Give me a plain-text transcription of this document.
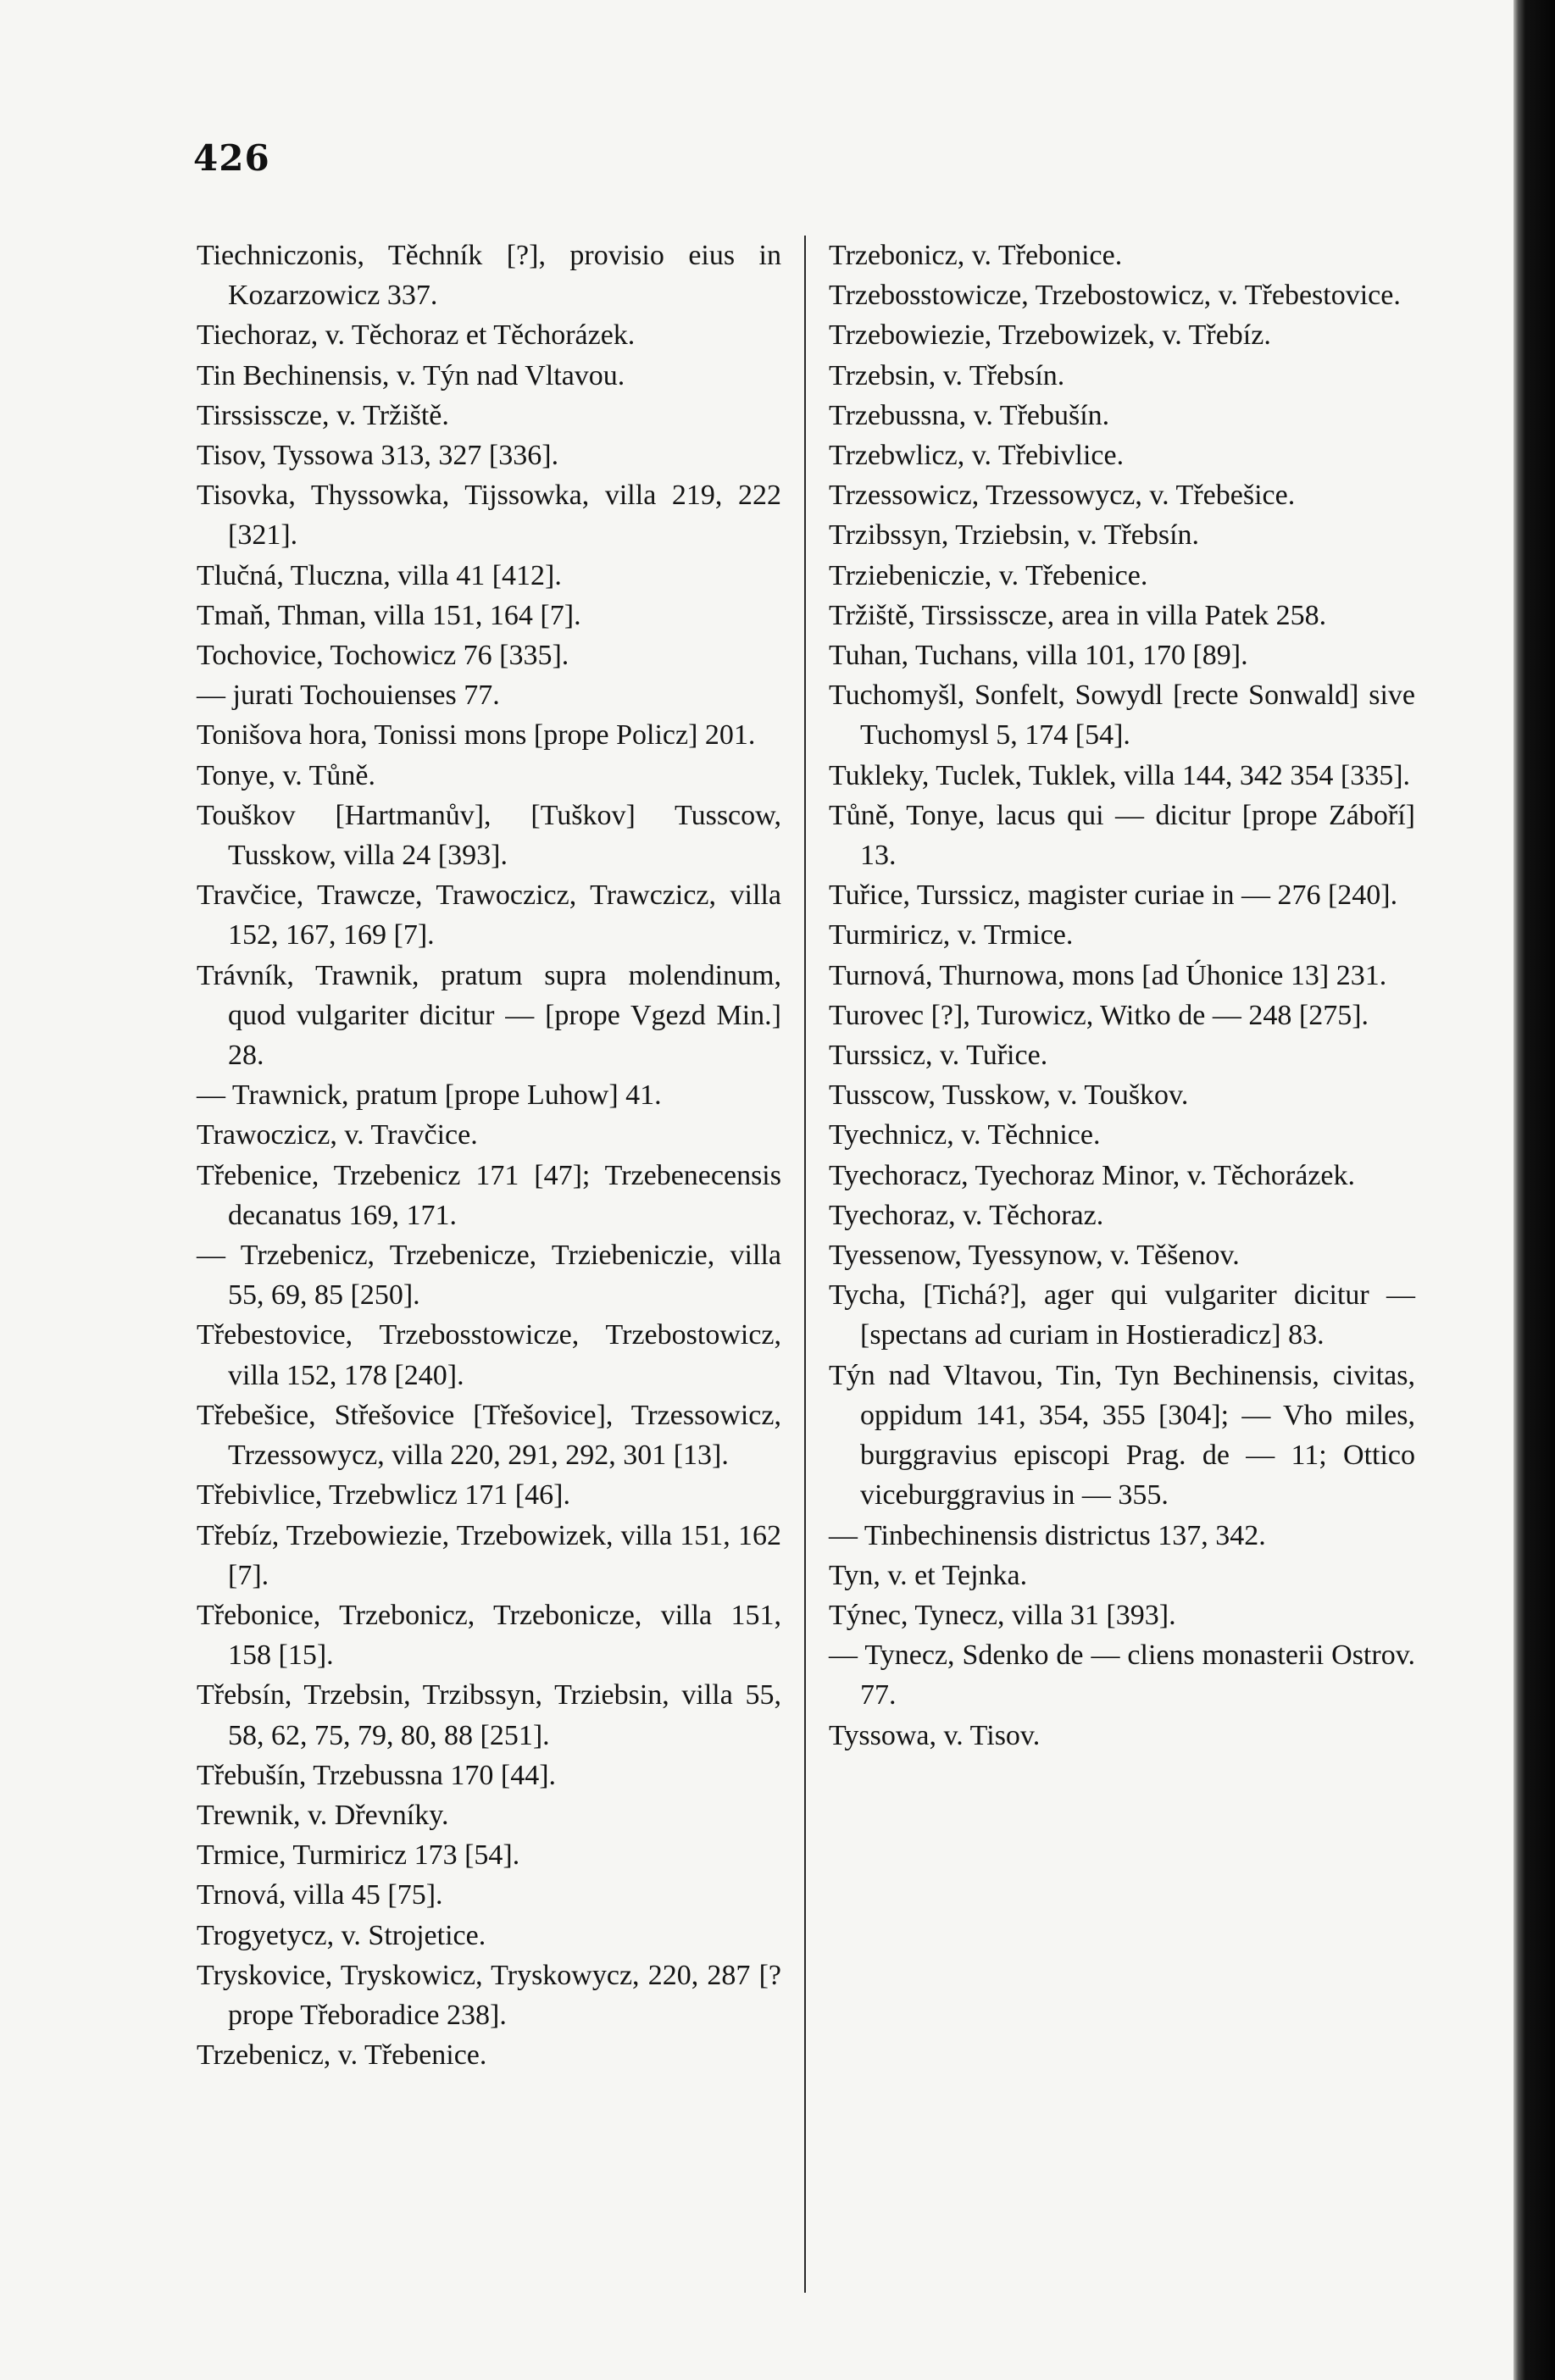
426

Tiechniczonis, Těchník [?], provisio eius in Kozarzowicz 337.

Tiechoraz, v. Těchoraz et Těchorázek.

Tin Bechinensis, v. Týn nad Vltavou.

Tirssisscze, v. Tržiště.

Tisov, Tyssowa 313, 327 [336].

Tisovka, Thyssowka, Tijssowka, villa 219, 222 [321].

Tlučná, Tluczna, villa 41 [412].

Tmaň, Thman, villa 151, 164 [7].

Tochovice, Tochowicz 76 [335].

— jurati Tochouienses 77.

Tonišova hora, Tonissi mons [prope Policz] 201.

Tonye, v. Tůně.

Touškov [Hartmanův], [Tuškov] Tusscow, Tusskow, villa 24 [393].

Travčice, Trawcze, Trawoczicz, Trawczicz, villa 152, 167, 169 [7].

Trávník, Trawnik, pratum supra molendinum, quod vulgariter dicitur — [prope Vgezd Min.] 28.

— Trawnick, pratum [prope Luhow] 41.

Trawoczicz, v. Travčice.

Třebenice, Trzebenicz 171 [47]; Trzebenecensis decanatus 169, 171.

— Trzebenicz, Trzebenicze, Trziebeniczie, villa 55, 69, 85 [250].

Třebestovice, Trzebosstowicze, Trzebostowicz, villa 152, 178 [240].

Třebešice, Střešovice [Třešovice], Trzessowicz, Trzessowycz, villa 220, 291, 292, 301 [13].

Třebivlice, Trzebwlicz 171 [46].

Třebíz, Trzebowiezie, Trzebowizek, villa 151, 162 [7].

Třebonice, Trzebonicz, Trzebonicze, villa 151, 158 [15].

Třebsín, Trzebsin, Trzibssyn, Trziebsin, villa 55, 58, 62, 75, 79, 80, 88 [251].

Třebušín, Trzebussna 170 [44].

Trewnik, v. Dřevníky.

Trmice, Turmiricz 173 [54].

Trnová, villa 45 [75].

Trogyetycz, v. Strojetice.

Tryskovice, Tryskowicz, Tryskowycz, 220, 287 [? prope Třeboradice 238].

Trzebenicz, v. Třebenice.

Trzebonicz, v. Třebonice.

Trzebosstowicze, Trzebostowicz, v. Třebestovice.

Trzebowiezie, Trzebowizek, v. Třebíz.

Trzebsin, v. Třebsín.

Trzebussna, v. Třebušín.

Trzebwlicz, v. Třebivlice.

Trzessowicz, Trzessowycz, v. Třebešice.

Trzibssyn, Trziebsin, v. Třebsín.

Trziebeniczie, v. Třebenice.

Tržiště, Tirssisscze, area in villa Patek 258.

Tuhan, Tuchans, villa 101, 170 [89].

Tuchomyšl, Sonfelt, Sowydl [recte Sonwald] sive Tuchomysl 5, 174 [54].

Tukleky, Tuclek, Tuklek, villa 144, 342 354 [335].

Tůně, Tonye, lacus qui — dicitur [prope Záboří] 13.

Tuřice, Turssicz, magister curiae in — 276 [240].

Turmiricz, v. Trmice.

Turnová, Thurnowa, mons [ad Úhonice 13] 231.

Turovec [?], Turowicz, Witko de — 248 [275].

Turssicz, v. Tuřice.

Tusscow, Tusskow, v. Touškov.

Tyechnicz, v. Těchnice.

Tyechoracz, Tyechoraz Minor, v. Těchorázek.

Tyechoraz, v. Těchoraz.

Tyessenow, Tyessynow, v. Těšenov.

Tycha, [Tichá?], ager qui vulgariter dicitur — [spectans ad curiam in Hostieradicz] 83.

Týn nad Vltavou, Tin, Tyn Bechinensis, civitas, oppidum 141, 354, 355 [304]; — Vho miles, burggravius episcopi Prag. de — 11; Ottico viceburggravius in — 355.

— Tinbechinensis districtus 137, 342.

Tyn, v. et Tejnka.

Týnec, Tynecz, villa 31 [393].

— Tynecz, Sdenko de — cliens monasterii Ostrov. 77.

Tyssowa, v. Tisov.
